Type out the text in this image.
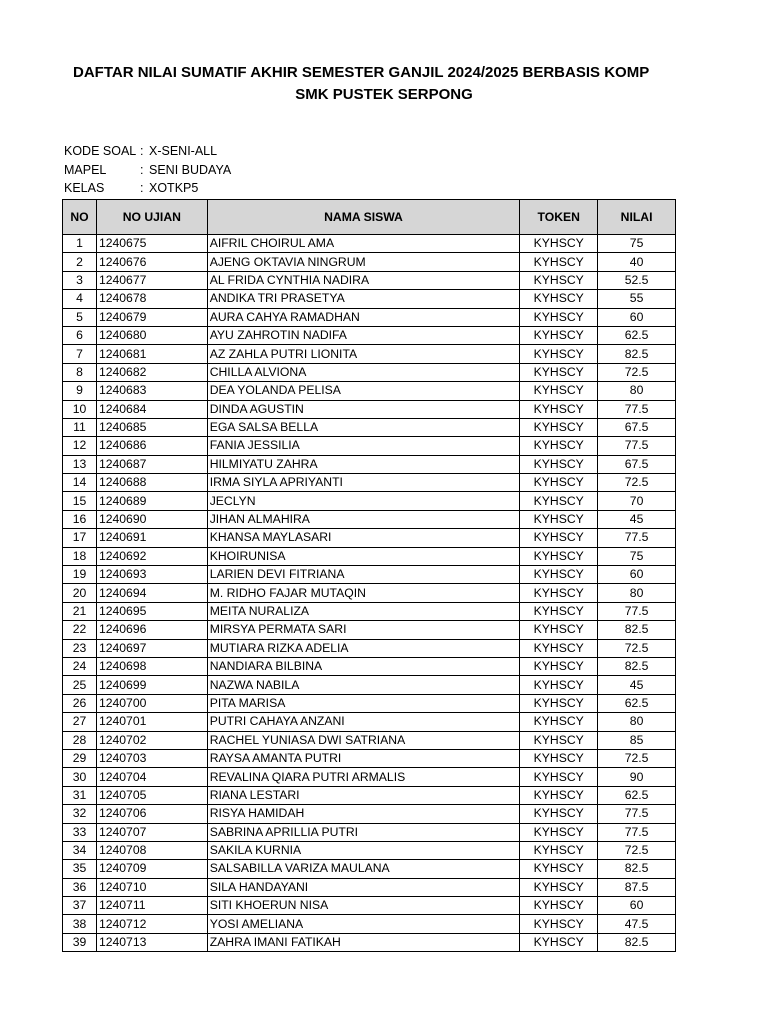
DAFTAR NILAI SUMATIF AKHIR SEMESTER GANJIL 2024/2025 BERBASIS KOMP
SMK PUSTEK SERPONG
KODE SOAL : X-SENI-ALL
MAPEL	: SENI BUDAYA
KELAS	: XOTKP5
NO	NO UJIAN	NAMA SISWA	TOKEN	NILAI
1	1240675	AIFRIL CHOIRUL AMA	KYHSCY	75
2	1240676	AJENG OKTAVIA NINGRUM	KYHSCY	40
3	1240677	AL FRIDA CYNTHIA NADIRA	KYHSCY	52.5
4	1240678	ANDIKA TRI PRASETYA	KYHSCY	55
5	1240679	AURA CAHYA RAMADHAN	KYHSCY	60
6	1240680	AYU ZAHROTIN NADIFA	KYHSCY	62.5
7	1240681	AZ ZAHLA PUTRI LIONITA	KYHSCY	82.5
8	1240682	CHILLA ALVIONA	KYHSCY	72.5
9	1240683	DEA YOLANDA PELISA	KYHSCY	80
10	1240684	DINDA AGUSTIN	KYHSCY	77.5
11	1240685	EGA SALSA BELLA	KYHSCY	67.5
12	1240686	FANIA JESSILIA	KYHSCY	77.5
13	1240687	HILMIYATU ZAHRA	KYHSCY	67.5
14	1240688	IRMA SIYLA APRIYANTI	KYHSCY	72.5
15	1240689	JECLYN	KYHSCY	70
16	1240690	JIHAN ALMAHIRA	KYHSCY	45
17	1240691	KHANSA MAYLASARI	KYHSCY	77.5
18	1240692	KHOIRUNISA	KYHSCY	75
19	1240693	LARIEN DEVI FITRIANA	KYHSCY	60
20	1240694	M. RIDHO FAJAR MUTAQIN	KYHSCY	80
21	1240695	MEITA NURALIZA	KYHSCY	77.5
22	1240696	MIRSYA PERMATA SARI	KYHSCY	82.5
23	1240697	MUTIARA RIZKA ADELIA	KYHSCY	72.5
24	1240698	NANDIARA BILBINA	KYHSCY	82.5
25	1240699	NAZWA NABILA	KYHSCY	45
26	1240700	PITA MARISA	KYHSCY	62.5
27	1240701	PUTRI CAHAYA ANZANI	KYHSCY	80
28	1240702	RACHEL YUNIASA DWI SATRIANA	KYHSCY	85
29	1240703	RAYSA AMANTA PUTRI	KYHSCY	72.5
30	1240704	REVALINA QIARA PUTRI ARMALIS	KYHSCY	90
31	1240705	RIANA LESTARI	KYHSCY	62.5
32	1240706	RISYA HAMIDAH	KYHSCY	77.5
33	1240707	SABRINA APRILLIA PUTRI	KYHSCY	77.5
34	1240708	SAKILA KURNIA	KYHSCY	72.5
35	1240709	SALSABILLA VARIZA MAULANA	KYHSCY	82.5
36	1240710	SILA HANDAYANI	KYHSCY	87.5
37	1240711	SITI KHOERUN NISA	KYHSCY	60
38	1240712	YOSI AMELIANA	KYHSCY	47.5
39	1240713	ZAHRA IMANI FATIKAH	KYHSCY	82.5
